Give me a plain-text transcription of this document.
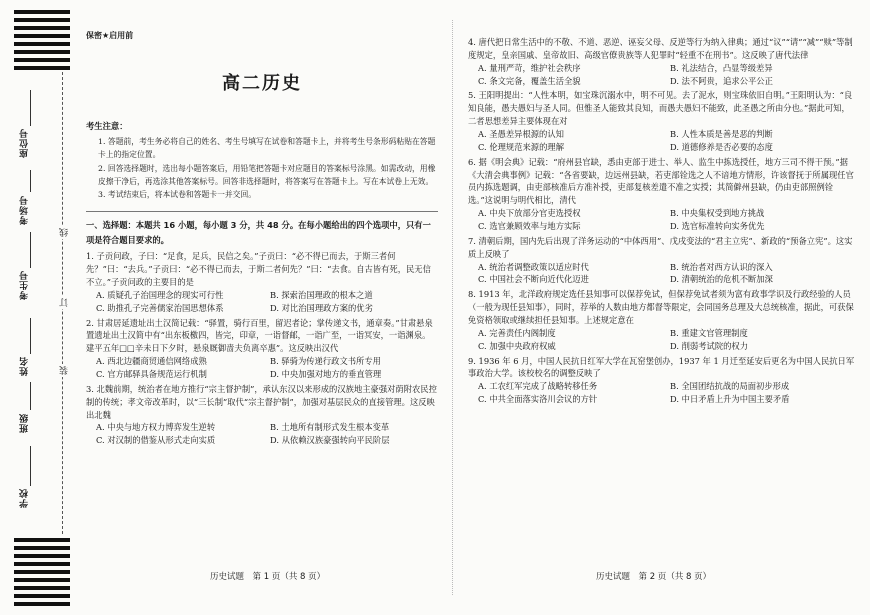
座位号
考场号
考生号
姓名
班级
学校
线
订
装
保密★启用前
高二历史
考生注意：

1. 答题前，考生务必将自己的姓名、考生号填写在试卷和答题卡上，并将考生号条形码粘贴在答题卡上的指定位置。

2. 回答选择题时，选出每小题答案后，用铅笔把答题卡对应题目的答案标号涂黑。如需改动，用橡皮擦干净后，再选涂其他答案标号。回答非选择题时，将答案写在答题卡上。写在本试卷上无效。

3. 考试结束后，将本试卷和答题卡一并交回。

一、选择题：本题共 16 小题，每小题 3 分，共 48 分。在每小题给出的四个选项中，只有一项是符合题目要求的。
1. 子贡问政，子曰：“足食，足兵，民信之矣。”子贡曰：“必不得已而去，于斯三者何先？”曰：“去兵。”子贡曰：“必不得已而去，于斯二者何先？”曰：“去食。自古皆有死，民无信不立。”子贡问政的主要目的是
A. 质疑孔子治国理念的现实可行性	B. 探索治国理政的根本之道
C. 助推孔子完善儒家治国思想体系	D. 对比治国理政方案的优劣
2. 甘肃居延遗址出土汉简记载：“驿置，骑行百里，留迟者论；掌传递文书，通章奏。”甘肃悬泉置遗址出土汉简中有“出东板檄四，皆完，印章，一诣督邮，一诣广至，一诣冥安，一诣渊泉。建平五年□□辛未日下夕时，悬泉厩御啬夫负离卒惠”。这反映出汉代
A. 西北边疆商贸通信网络成熟	B. 驿骑为传递行政文书所专用
C. 官方邮驿具备规范运行机制	D. 中央加强对地方的垂直管理
3. 北魏前期，统治者在地方推行“宗主督护制”，承认东汉以来形成的汉族地主豪强对荫附农民控制的传统；孝文帝改革时，以“三长制”取代“宗主督护制”，加强对基层民众的直接管理。这反映出北魏
A. 中央与地方权力博弈发生逆转	B. 土地所有制形式发生根本变革
C. 对汉制的借鉴从形式走向实质	D. 从依赖汉族豪强转向平民阶层
历史试题　第 1 页（共 8 页）
4. 唐代把日常生活中的不敬、不道、恶逆、诬妄父母、反逆等行为纳入律典；通过“议”“请”“减”“赎”等制度规定，皇亲国戚、皇帝故旧、高级官僚贵族等人犯罪时“轻重不在刑书”。这反映了唐代法律
A. 量刑严苛，维护社会秩序	B. 礼法结合，凸显等级差异
C. 条文完备，覆盖生活全貌	D. 法不阿贵，追求公平公正
5. 王阳明提出：“人性本明，如宝珠沉溺水中，明不可见。去了泥水，则宝珠依旧自明。”王阳明认为：“良知良能，愚夫愚妇与圣人同。但惟圣人能致其良知，而愚夫愚妇不能致，此圣愚之所由分也。”据此可知，二者思想差异主要体现在对
A. 圣愚差异根源的认知	B. 人性本质是善是恶的判断
C. 伦理规范来源的理解	D. 道德修养是否必要的态度
6. 据《明会典》记载：“府州县官缺，悉由吏部于进士、举人、监生中拣选授任，地方三司不得干预。”据《大清会典事例》记载：“各省要缺，边远州县缺，若吏部铨选之人不谙地方情形，许该督抚于所属现任官员内拣选题调，由吏部核准后方准补授，吏部复核差遣不准之实授；其简僻州县缺，仍由吏部照例铨选。”这说明与明代相比，清代
A. 中央下放部分官吏选授权	B. 中央集权受到地方挑战
C. 选官兼顾效率与地方实际	D. 选官标准转向实务优先
7. 清朝后期，国内先后出现了洋务运动的“中体西用”、戊戌变法的“君主立宪”、新政的“预备立宪”。这实质上反映了
A. 统治者调整政策以适应时代	B. 统治者对西方认识的深入
C. 中国社会不断向近代化迈进	D. 清朝统治的危机不断加深
8. 1913 年，北洋政府规定选任县知事可以保荐免试，但保荐免试者须为富有政事学识及行政经验的人员（一般为现任县知事），同时，荐举的人数由地方都督等限定，会同国务总理及大总统核准，据此，可获保免资格领取或继续担任县知事。上述规定意在
A. 完善责任内阁制度	B. 重建文官管理制度
C. 加强中央政府权威	D. 削弱考试院的权力
9. 1936 年 6 月，中国人民抗日红军大学在瓦窑堡创办，1937 年 1 月迁至延安后更名为中国人民抗日军事政治大学。该校校名的调整反映了
A. 工农红军完成了战略转移任务	B. 全国团结抗战的局面初步形成
C. 中共全面落实洛川会议的方针	D. 中日矛盾上升为中国主要矛盾
历史试题　第 2 页（共 8 页）
